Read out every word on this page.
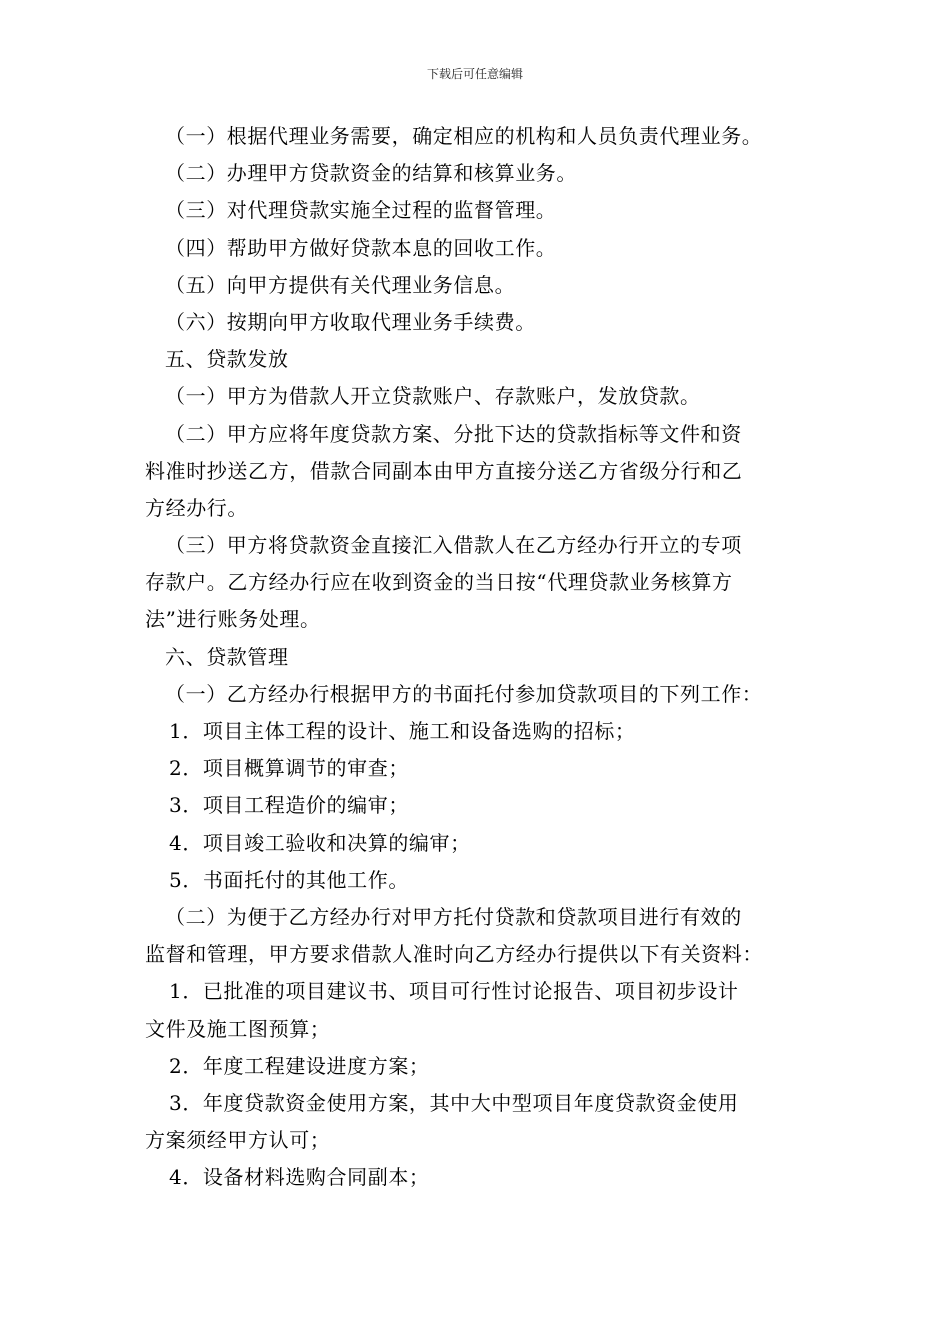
下载后可任意编辑
（一）根据代理业务需要，确定相应的机构和人员负责代理业务。
（二）办理甲方贷款资金的结算和核算业务。
（三）对代理贷款实施全过程的监督管理。
（四）帮助甲方做好贷款本息的回收工作。
（五）向甲方提供有关代理业务信息。
（六）按期向甲方收取代理业务手续费。
五、贷款发放
（一）甲方为借款人开立贷款账户、存款账户，发放贷款。
（二）甲方应将年度贷款方案、分批下达的贷款指标等文件和资
料准时抄送乙方，借款合同副本由甲方直接分送乙方省级分行和乙
方经办行。
（三）甲方将贷款资金直接汇入借款人在乙方经办行开立的专项
存款户。乙方经办行应在收到资金的当日按“代理贷款业务核算方
法”进行账务处理。
六、贷款管理
（一）乙方经办行根据甲方的书面托付参加贷款项目的下列工作：
1．项目主体工程的设计、施工和设备选购的招标；
2．项目概算调节的审查；
3．项目工程造价的编审；
4．项目竣工验收和决算的编审；
5．书面托付的其他工作。
（二）为便于乙方经办行对甲方托付贷款和贷款项目进行有效的
监督和管理，甲方要求借款人准时向乙方经办行提供以下有关资料：
1．已批准的项目建议书、项目可行性讨论报告、项目初步设计
文件及施工图预算；
2．年度工程建设进度方案；
3．年度贷款资金使用方案，其中大中型项目年度贷款资金使用
方案须经甲方认可；
4．设备材料选购合同副本；
